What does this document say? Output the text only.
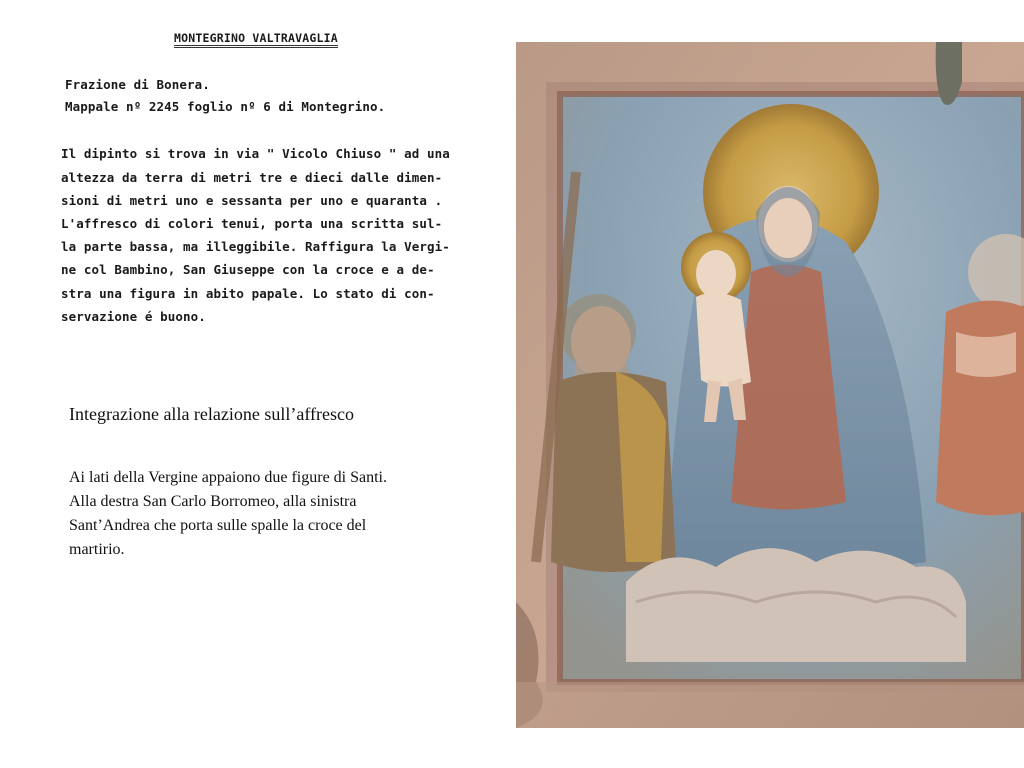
MONTEGRINO VALTRAVAGLIA
Frazione di Bonera.
Mappale nº 2245 foglio nº 6 di Montegrino.
Il dipinto si trova in via " Vicolo Chiuso " ad una
altezza da terra di metri tre e dieci dalle dimen-
sioni di metri uno e sessanta per uno e quaranta .
L'affresco di colori tenui, porta una scritta sul-
la parte bassa, ma illeggibile. Raffigura la Vergi-
ne col Bambino, San Giuseppe con la croce e a de-
stra una figura in abito papale. Lo stato di con-
servazione é buono.
Integrazione alla relazione sull’affresco
Ai lati della Vergine appaiono due figure di Santi.
Alla destra San Carlo Borromeo, alla sinistra
Sant’Andrea che porta sulle spalle la croce del
martirio.
